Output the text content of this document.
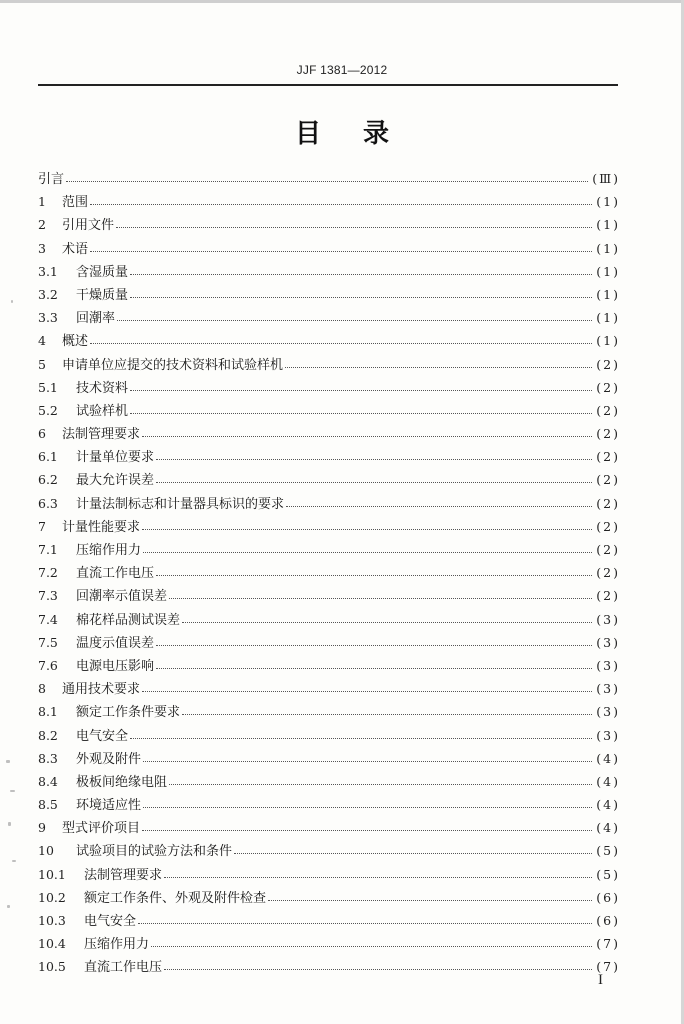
JJF 1381—2012
目录
引言	(Ⅲ)
1	范围	(1)
2	引用文件	(1)
3	术语	(1)
3.1	含湿质量	(1)
3.2	干燥质量	(1)
3.3	回潮率	(1)
4	概述	(1)
5	申请单位应提交的技术资料和试验样机	(2)
5.1	技术资料	(2)
5.2	试验样机	(2)
6	法制管理要求	(2)
6.1	计量单位要求	(2)
6.2	最大允许误差	(2)
6.3	计量法制标志和计量器具标识的要求	(2)
7	计量性能要求	(2)
7.1	压缩作用力	(2)
7.2	直流工作电压	(2)
7.3	回潮率示值误差	(2)
7.4	棉花样品测试误差	(3)
7.5	温度示值误差	(3)
7.6	电源电压影响	(3)
8	通用技术要求	(3)
8.1	额定工作条件要求	(3)
8.2	电气安全	(3)
8.3	外观及附件	(4)
8.4	极板间绝缘电阻	(4)
8.5	环境适应性	(4)
9	型式评价项目	(4)
10	试验项目的试验方法和条件	(5)
10.1	法制管理要求	(5)
10.2	额定工作条件、外观及附件检查	(6)
10.3	电气安全	(6)
10.4	压缩作用力	(7)
10.5	直流工作电压	(7)
I
